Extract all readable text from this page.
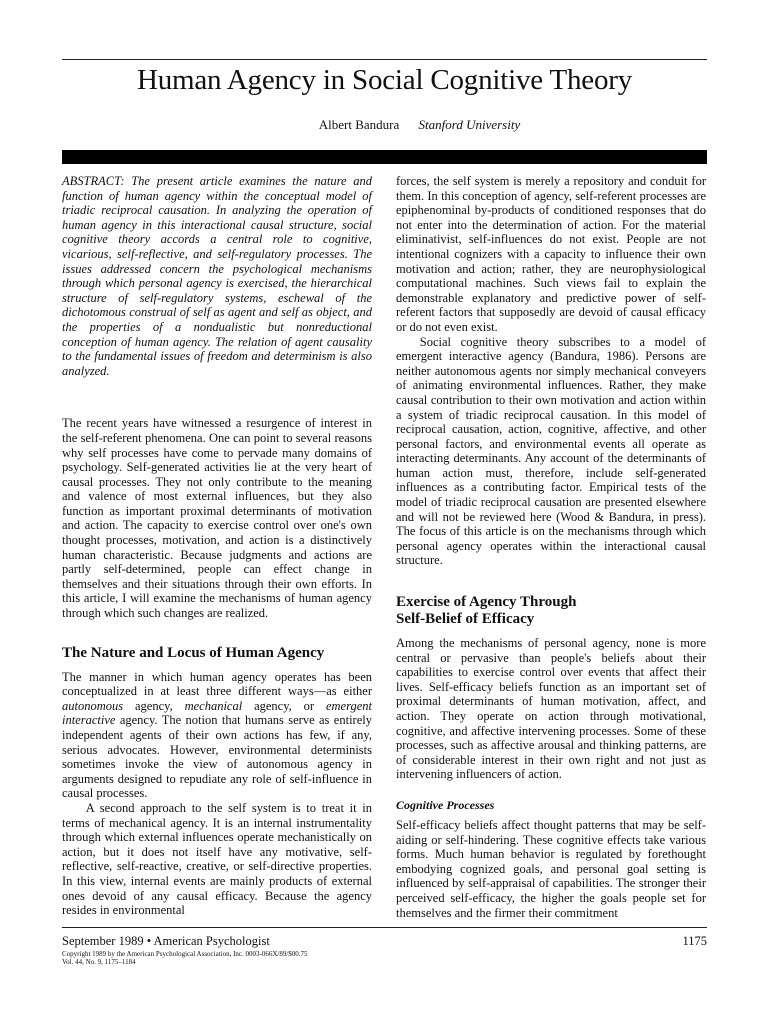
Human Agency in Social Cognitive Theory
Albert Bandura Stanford University

ABSTRACT: The present article examines the nature and function of human agency within the conceptual model of triadic reciprocal causation. In analyzing the operation of human agency in this interactional causal structure, social cognitive theory accords a central role to cognitive, vicarious, self-reflective, and self-regulatory processes. The issues addressed concern the psychological mechanisms through which personal agency is exercised, the hierarchical structure of self-regulatory systems, eschewal of the dichotomous construal of self as agent and self as object, and the properties of a nondualistic but nonreductional conception of human agency. The relation of agent causality to the fundamental issues of freedom and determinism is also analyzed.

The recent years have witnessed a resurgence of interest in the self-referent phenomena. One can point to several reasons why self processes have come to pervade many domains of psychology. Self-generated activities lie at the very heart of causal processes. They not only contribute to the meaning and valence of most external influences, but they also function as important proximal determinants of motivation and action. The capacity to exercise control over one's own thought processes, motivation, and action is a distinctively human characteristic. Because judgments and actions are partly self-determined, people can effect change in themselves and their situations through their own efforts. In this article, I will examine the mechanisms of human agency through which such changes are realized.

The Nature and Locus of Human Agency

The manner in which human agency operates has been conceptualized in at least three different ways—as either autonomous agency, mechanical agency, or emergent interactive agency. The notion that humans serve as entirely independent agents of their own actions has few, if any, serious advocates. However, environmental determinists sometimes invoke the view of autonomous agency in arguments designed to repudiate any role of self-influence in causal processes.

A second approach to the self system is to treat it in terms of mechanical agency. It is an internal instrumentality through which external influences operate mechanistically on action, but it does not itself have any motivative, self-reflective, self-reactive, creative, or self-directive properties. In this view, internal events are mainly products of external ones devoid of any causal efficacy. Because the agency resides in environmental

forces, the self system is merely a repository and conduit for them. In this conception of agency, self-referent processes are epiphenominal by-products of conditioned responses that do not enter into the determination of action. For the material eliminativist, self-influences do not exist. People are not intentional cognizers with a capacity to influence their own motivation and action; rather, they are neurophysiological computational machines. Such views fail to explain the demonstrable explanatory and predictive power of self-referent factors that supposedly are devoid of causal efficacy or do not even exist.

Social cognitive theory subscribes to a model of emergent interactive agency (Bandura, 1986). Persons are neither autonomous agents nor simply mechanical conveyers of animating environmental influences. Rather, they make causal contribution to their own motivation and action within a system of triadic reciprocal causation. In this model of reciprocal causation, action, cognitive, affective, and other personal factors, and environmental events all operate as interacting determinants. Any account of the determinants of human action must, therefore, include self-generated influences as a contributing factor. Empirical tests of the model of triadic reciprocal causation are presented elsewhere and will not be reviewed here (Wood & Bandura, in press). The focus of this article is on the mechanisms through which personal agency operates within the interactional causal structure.

Exercise of Agency Through
Self-Belief of Efficacy

Among the mechanisms of personal agency, none is more central or pervasive than people's beliefs about their capabilities to exercise control over events that affect their lives. Self-efficacy beliefs function as an important set of proximal determinants of human motivation, affect, and action. They operate on action through motivational, cognitive, and affective intervening processes. Some of these processes, such as affective arousal and thinking patterns, are of considerable interest in their own right and not just as intervening influencers of action.

Cognitive Processes

Self-efficacy beliefs affect thought patterns that may be self-aiding or self-hindering. These cognitive effects take various forms. Much human behavior is regulated by forethought embodying cognized goals, and personal goal setting is influenced by self-appraisal of capabilities. The stronger their perceived self-efficacy, the higher the goals people set for themselves and the firmer their commitment

September 1989 • American Psychologist
Copyright 1989 by the American Psychological Association, Inc. 0003-066X/89/$00.75
Vol. 44, No. 9, 1175–1184
1175
